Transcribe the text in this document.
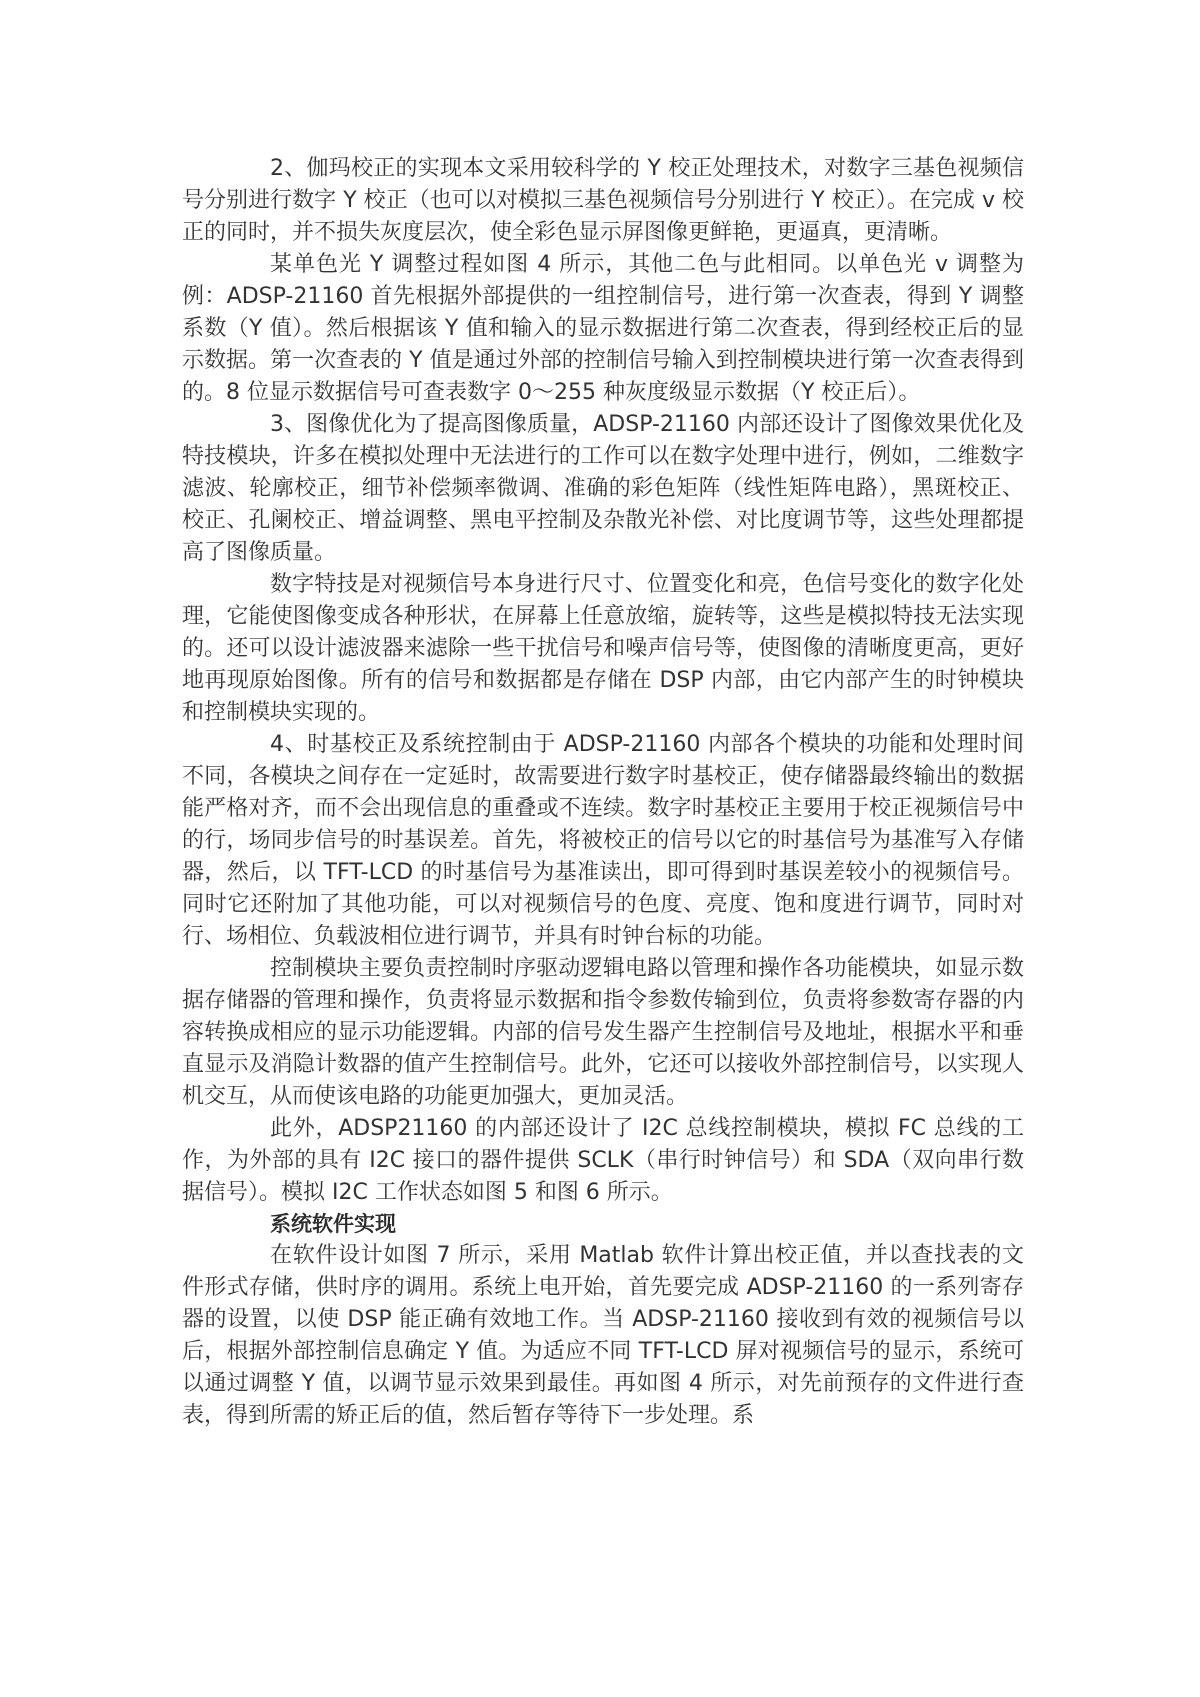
2、伽玛校正的实现本文采用较科学的 Y 校正处理技术，对数字三基色视频信号分别进行数字 Y 校正（也可以对模拟三基色视频信号分别进行 Y 校正）。在完成 v 校正的同时，并不损失灰度层次，使全彩色显示屏图像更鲜艳，更逼真，更清晰。

某单色光 Y 调整过程如图 4 所示，其他二色与此相同。以单色光 v 调整为例：ADSP-21160 首先根据外部提供的一组控制信号，进行第一次查表，得到 Y 调整系数（Y 值）。然后根据该 Y 值和输入的显示数据进行第二次查表，得到经校正后的显示数据。第一次查表的 Y 值是通过外部的控制信号输入到控制模块进行第一次查表得到的。8 位显示数据信号可查表数字 0～255 种灰度级显示数据（Y 校正后）。

3、图像优化为了提高图像质量，ADSP-21160 内部还设计了图像效果优化及特技模块，许多在模拟处理中无法进行的工作可以在数字处理中进行，例如，二维数字滤波、轮廓校正，细节补偿频率微调、准确的彩色矩阵（线性矩阵电路），黑斑校正、校正、孔阑校正、增益调整、黑电平控制及杂散光补偿、对比度调节等，这些处理都提高了图像质量。

数字特技是对视频信号本身进行尺寸、位置变化和亮，色信号变化的数字化处理，它能使图像变成各种形状，在屏幕上任意放缩，旋转等，这些是模拟特技无法实现的。还可以设计滤波器来滤除一些干扰信号和噪声信号等，使图像的清晰度更高，更好地再现原始图像。所有的信号和数据都是存储在 DSP 内部，由它内部产生的时钟模块和控制模块实现的。

4、时基校正及系统控制由于 ADSP-21160 内部各个模块的功能和处理时间不同，各模块之间存在一定延时，故需要进行数字时基校正，使存储器最终输出的数据能严格对齐，而不会出现信息的重叠或不连续。数字时基校正主要用于校正视频信号中的行，场同步信号的时基误差。首先，将被校正的信号以它的时基信号为基准写入存储器，然后，以 TFT-LCD 的时基信号为基准读出，即可得到时基误差较小的视频信号。同时它还附加了其他功能，可以对视频信号的色度、亮度、饱和度进行调节，同时对行、场相位、负载波相位进行调节，并具有时钟台标的功能。

控制模块主要负责控制时序驱动逻辑电路以管理和操作各功能模块，如显示数据存储器的管理和操作，负责将显示数据和指令参数传输到位，负责将参数寄存器的内容转换成相应的显示功能逻辑。内部的信号发生器产生控制信号及地址，根据水平和垂直显示及消隐计数器的值产生控制信号。此外，它还可以接收外部控制信号，以实现人机交互，从而使该电路的功能更加强大，更加灵活。

此外，ADSP21160 的内部还设计了 I2C 总线控制模块，模拟 FC 总线的工作，为外部的具有 I2C 接口的器件提供 SCLK（串行时钟信号）和 SDA（双向串行数据信号）。模拟 I2C 工作状态如图 5 和图 6 所示。

系统软件实现

在软件设计如图 7 所示，采用 Matlab 软件计算出校正值，并以查找表的文件形式存储，供时序的调用。系统上电开始，首先要完成 ADSP-21160 的一系列寄存器的设置，以使 DSP 能正确有效地工作。当 ADSP-21160 接收到有效的视频信号以后，根据外部控制信息确定 Y 值。为适应不同 TFT-LCD 屏对视频信号的显示，系统可以通过调整 Y 值，以调节显示效果到最佳。再如图 4 所示，对先前预存的文件进行查表，得到所需的矫正后的值，然后暂存等待下一步处理。系
